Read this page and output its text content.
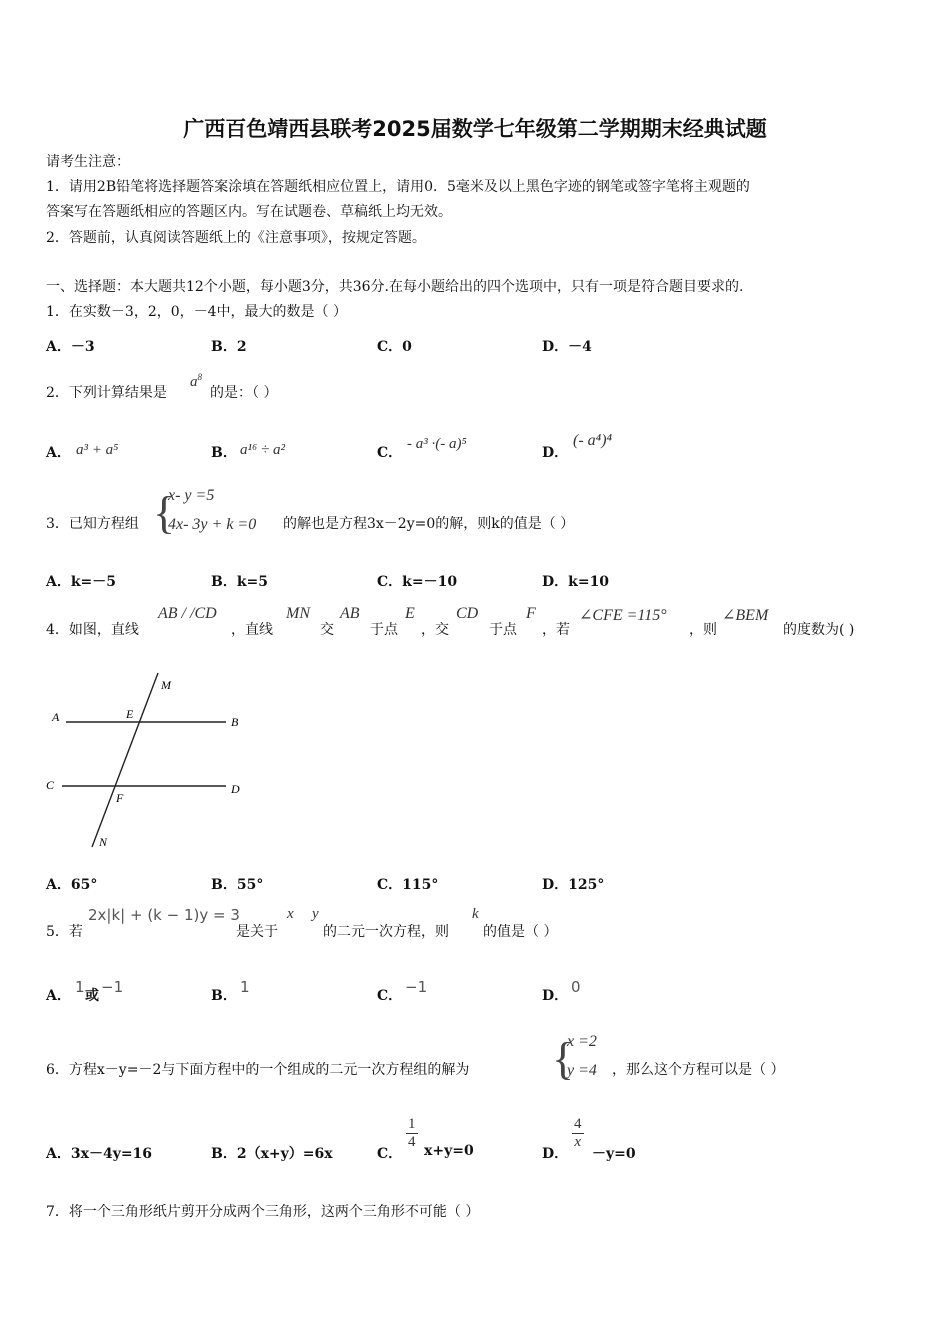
广西百色靖西县联考2025届数学七年级第二学期期末经典试题
请考生注意：
1．请用2B铅笔将选择题答案涂填在答题纸相应位置上，请用0．5毫米及以上黑色字迹的钢笔或签字笔将主观题的
答案写在答题纸相应的答题区内。写在试题卷、草稿纸上均无效。
2．答题前，认真阅读答题纸上的《注意事项》，按规定答题。
一、选择题：本大题共12个小题，每小题3分，共36分.在每小题给出的四个选项中，只有一项是符合题目要求的.
1．在实数－3，2，0，－4中，最大的数是（ ）
A．－3	B．2	C．0	D．－4
2．下列计算结果是
$a^8$
的是：（ ）
A． a³ + a⁵	B． a¹⁶ ÷ a²	C．
- a³ ·(- a)⁵
D．
(- a⁴)⁴
3．已知方程组 {
x- y =5
4x- 3y + k =0 的解也是方程3x－2y=0的解，则k的值是（ ）
A．k=－5	B．k=5	C．k=－10	D．k=10
4．如图，直线
AB / /CD
，直线
MN
交
AB
于点
E
，交
CD
于点
F
，若
∠CFE =115°
，则
∠BEM
的度数为( )
M
A	E
B
C
F
D
N
A．65°	B．55°	C．115°	D．125°
5．若
2x|k| + (k − 1)y = 3
是关于
x y
的二元一次方程，则
k
的值是（ ）
A． 1 或 −1	B． 1	C． −1	D． 0
6．方程x－y=－2与下面方程中的一个组成的二元一次方程组的解为 {
x =2
y =4 ，那么这个方程可以是（ ）
A．3x－4y=16	B．2（x+y）=6x	C．
$\frac{1}{4} x+y=0$	D．
$\frac{4}{x}$
－y=0
7．将一个三角形纸片剪开分成两个三角形，这两个三角形不可能（ ）
